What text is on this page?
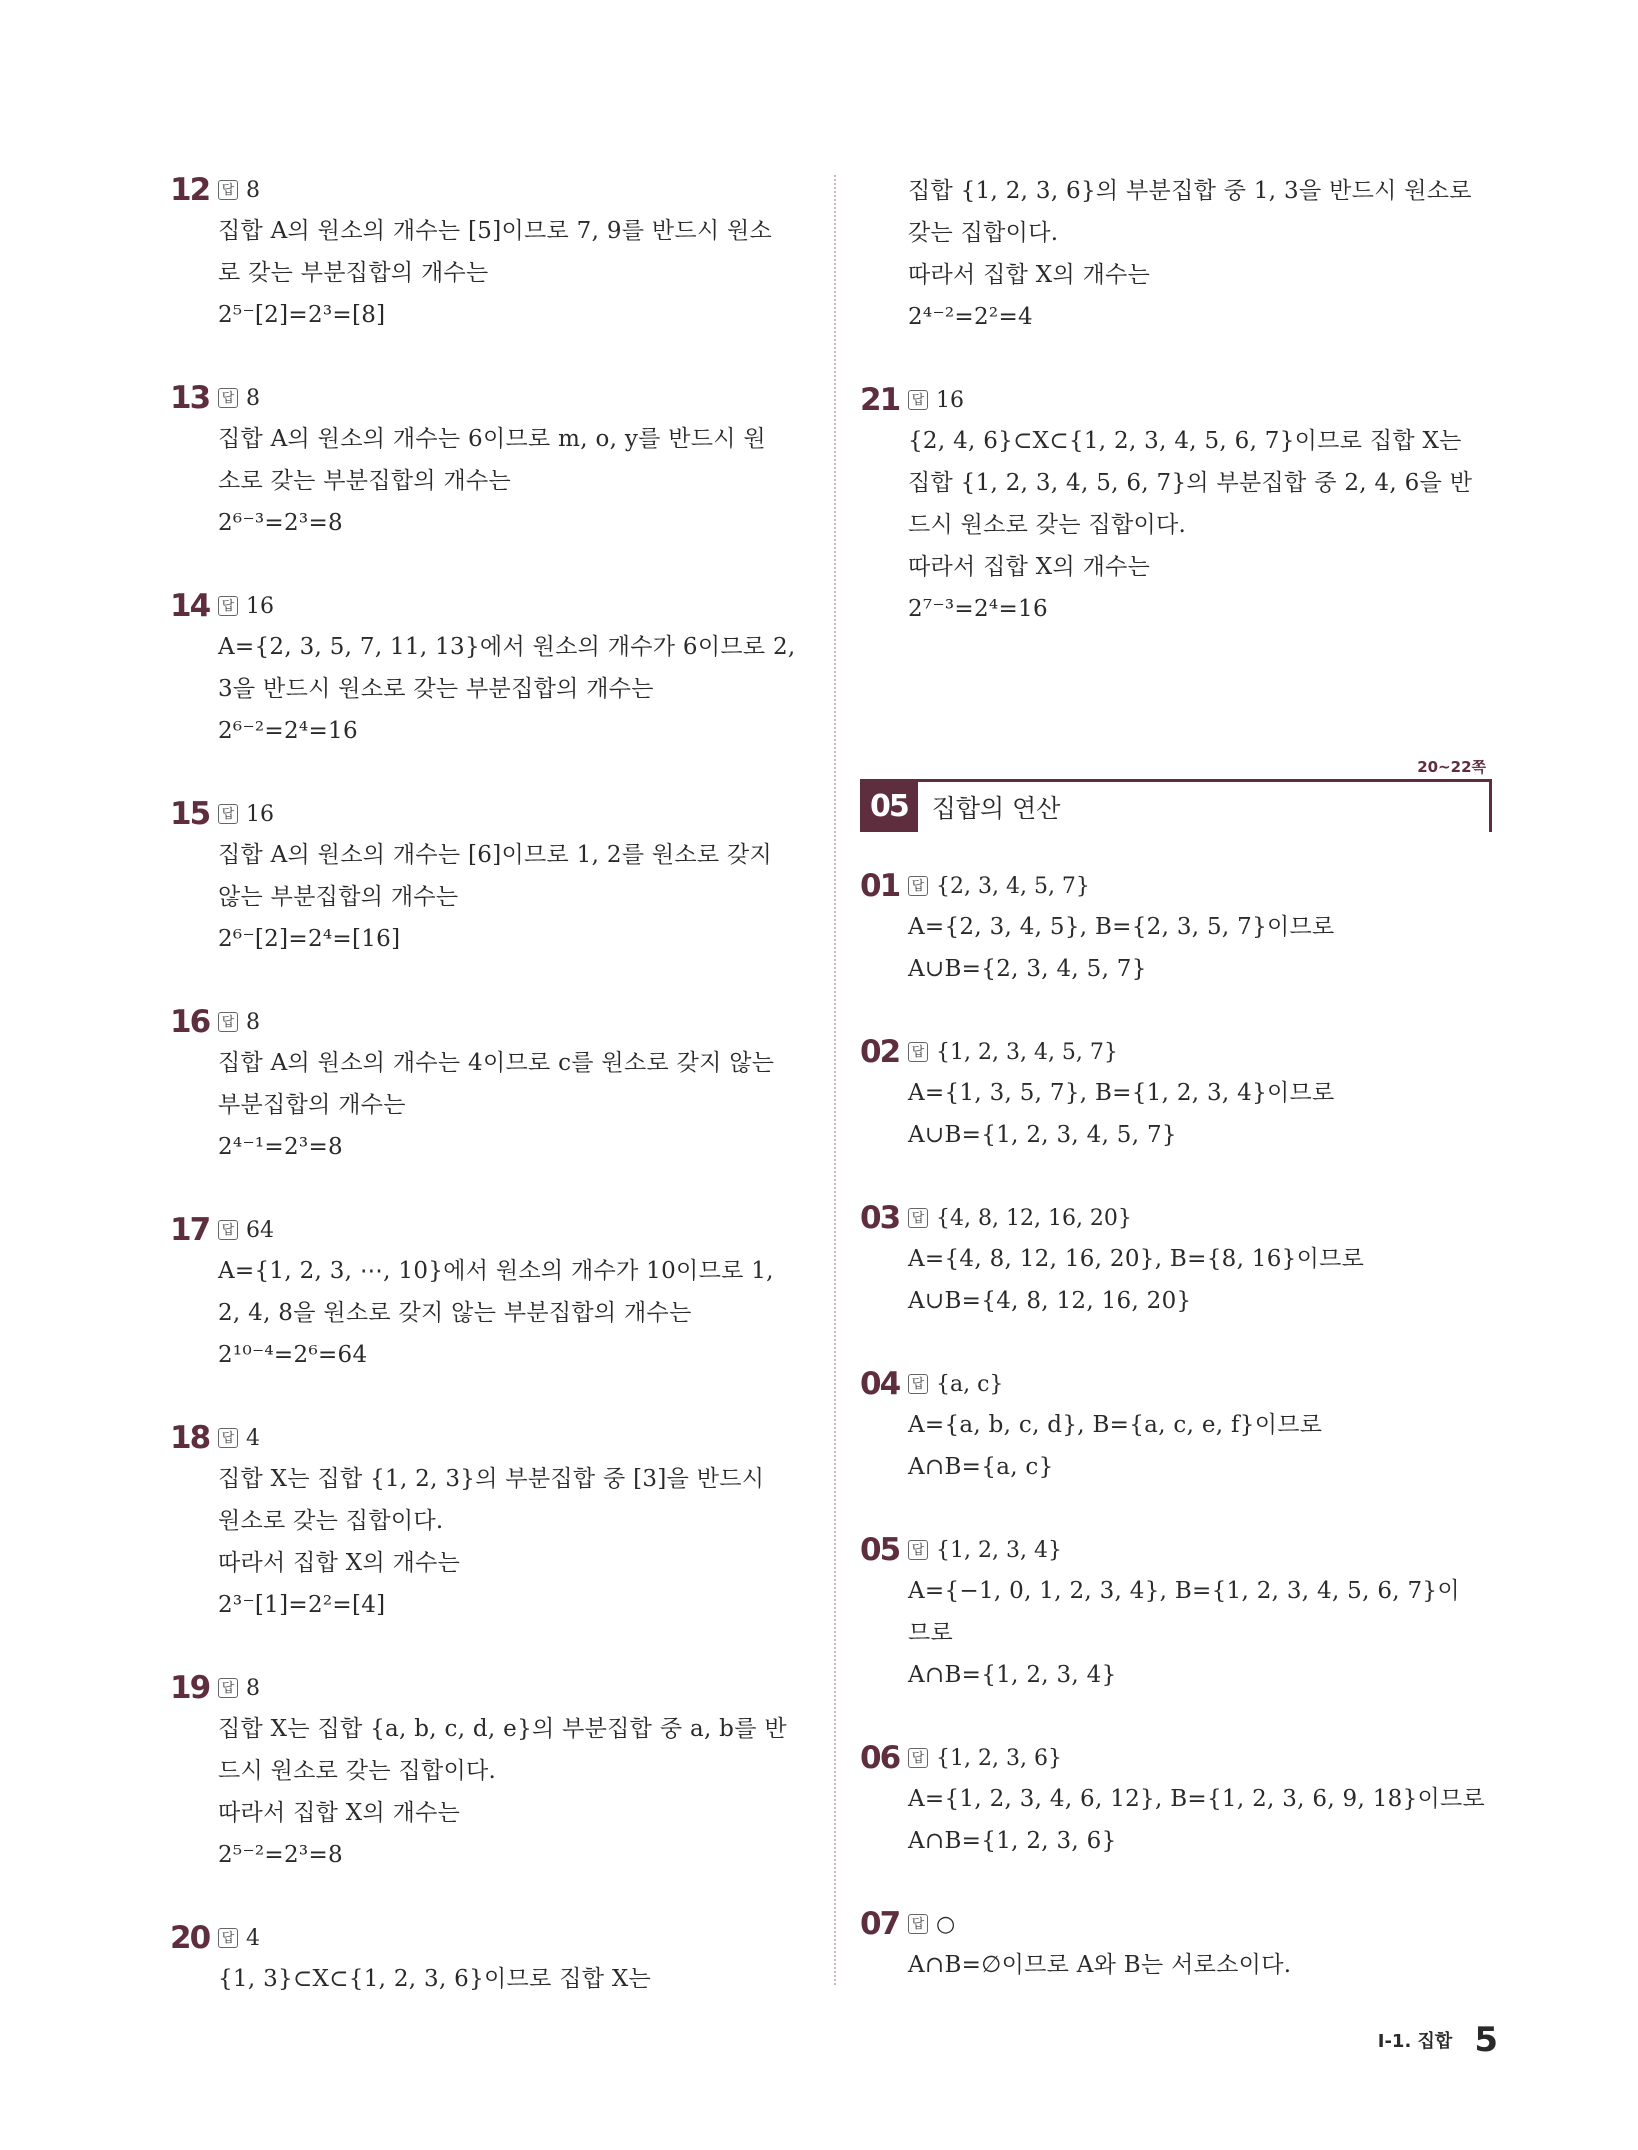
12 답 8
집합 A의 원소의 개수는 [5]이므로 7, 9를 반드시 원소
로 갖는 부분집합의 개수는
2⁵⁻[2]=2³=[8]
13 답 8
집합 A의 원소의 개수는 6이므로 m, o, y를 반드시 원
소로 갖는 부분집합의 개수는
2⁶⁻³=2³=8
14 답 16
A={2, 3, 5, 7, 11, 13}에서 원소의 개수가 6이므로 2,
3을 반드시 원소로 갖는 부분집합의 개수는
2⁶⁻²=2⁴=16
15 답 16
집합 A의 원소의 개수는 [6]이므로 1, 2를 원소로 갖지
않는 부분집합의 개수는
2⁶⁻[2]=2⁴=[16]
16 답 8
집합 A의 원소의 개수는 4이므로 c를 원소로 갖지 않는
부분집합의 개수는
2⁴⁻¹=2³=8
17 답 64
A={1, 2, 3, ⋯, 10}에서 원소의 개수가 10이므로 1,
2, 4, 8을 원소로 갖지 않는 부분집합의 개수는
2¹⁰⁻⁴=2⁶=64
18 답 4
집합 X는 집합 {1, 2, 3}의 부분집합 중 [3]을 반드시
원소로 갖는 집합이다.
따라서 집합 X의 개수는
2³⁻[1]=2²=[4]
19 답 8
집합 X는 집합 {a, b, c, d, e}의 부분집합 중 a, b를 반
드시 원소로 갖는 집합이다.
따라서 집합 X의 개수는
2⁵⁻²=2³=8
20 답 4
{1, 3}⊂X⊂{1, 2, 3, 6}이므로 집합 X는
집합 {1, 2, 3, 6}의 부분집합 중 1, 3을 반드시 원소로
갖는 집합이다.
따라서 집합 X의 개수는
2⁴⁻²=2²=4
21 답 16
{2, 4, 6}⊂X⊂{1, 2, 3, 4, 5, 6, 7}이므로 집합 X는
집합 {1, 2, 3, 4, 5, 6, 7}의 부분집합 중 2, 4, 6을 반
드시 원소로 갖는 집합이다.
따라서 집합 X의 개수는
2⁷⁻³=2⁴=16
20~22쪽
05 집합의 연산
01 답 {2, 3, 4, 5, 7}
A={2, 3, 4, 5}, B={2, 3, 5, 7}이므로
A∪B={2, 3, 4, 5, 7}
02 답 {1, 2, 3, 4, 5, 7}
A={1, 3, 5, 7}, B={1, 2, 3, 4}이므로
A∪B={1, 2, 3, 4, 5, 7}
03 답 {4, 8, 12, 16, 20}
A={4, 8, 12, 16, 20}, B={8, 16}이므로
A∪B={4, 8, 12, 16, 20}
04 답 {a, c}
A={a, b, c, d}, B={a, c, e, f}이므로
A∩B={a, c}
05 답 {1, 2, 3, 4}
A={−1, 0, 1, 2, 3, 4}, B={1, 2, 3, 4, 5, 6, 7}이
므로
A∩B={1, 2, 3, 4}
06 답 {1, 2, 3, 6}
A={1, 2, 3, 4, 6, 12}, B={1, 2, 3, 6, 9, 18}이므로
A∩B={1, 2, 3, 6}
07 답 ○
A∩B=∅이므로 A와 B는 서로소이다.
Ⅰ-1. 집합 5
